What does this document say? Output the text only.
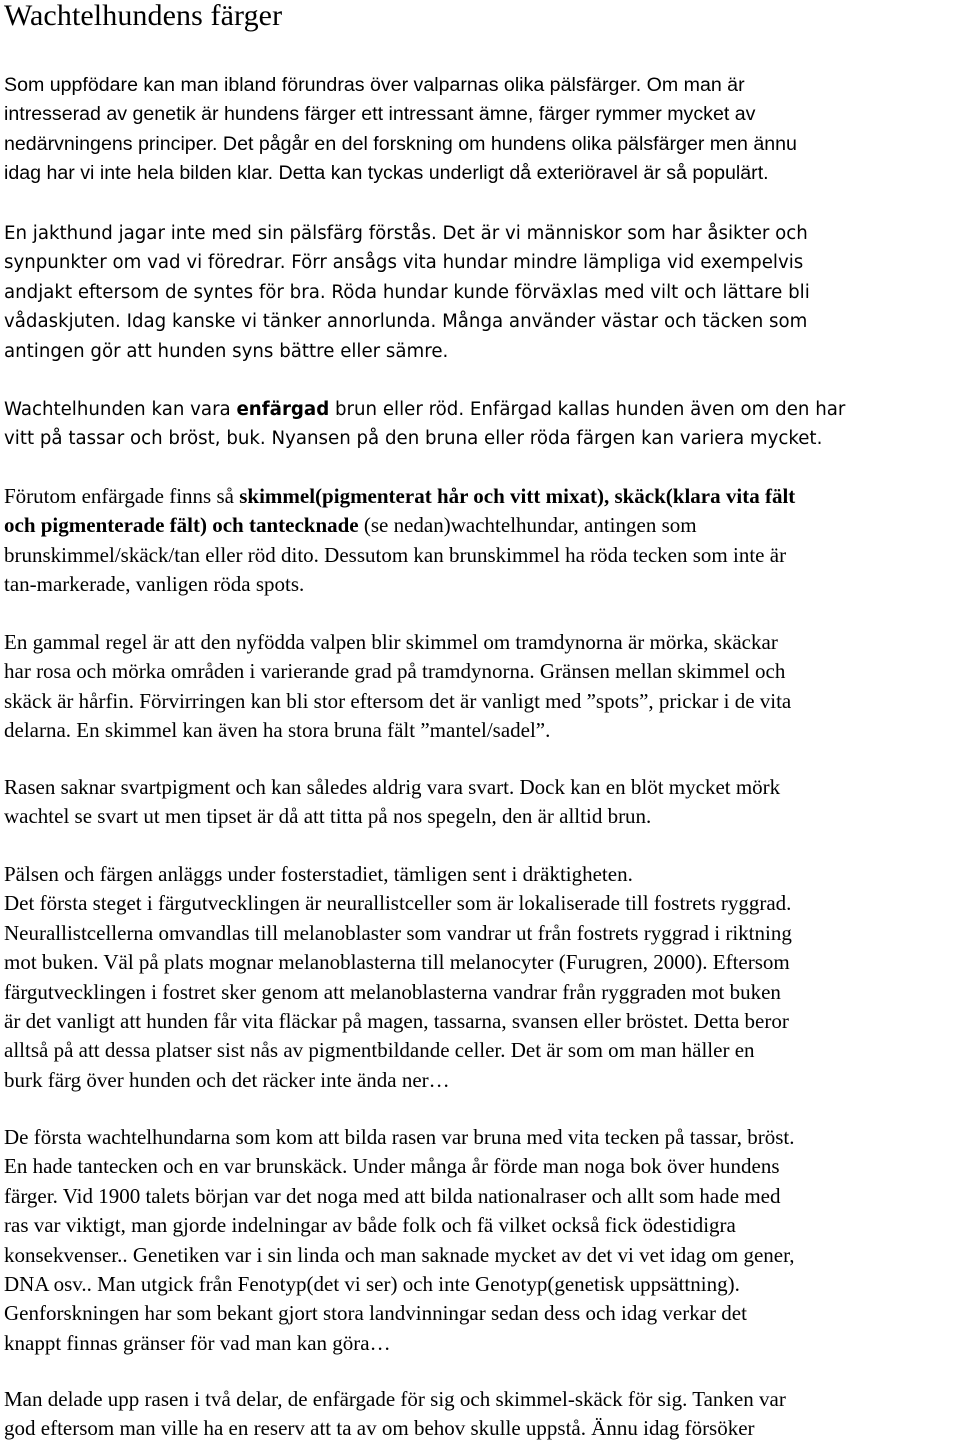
Wachtelhundens färger
Som uppfödare kan man ibland förundras över valparnas olika pälsfärger. Om man är
intresserad av genetik är hundens färger ett intressant ämne, färger rymmer mycket av
nedärvningens principer. Det pågår en del forskning om hundens olika pälsfärger men ännu
idag har vi inte hela bilden klar. Detta kan tyckas underligt då exteriöravel är så populärt.
En jakthund jagar inte med sin pälsfärg förstås. Det är vi människor som har åsikter och
synpunkter om vad vi föredrar. Förr ansågs vita hundar mindre lämpliga vid exempelvis
andjakt eftersom de syntes för bra. Röda hundar kunde förväxlas med vilt och lättare bli
vådaskjuten. Idag kanske vi tänker annorlunda. Många använder västar och täcken som
antingen gör att hunden syns bättre eller sämre.
Wachtelhunden kan vara enfärgad brun eller röd. Enfärgad kallas hunden även om den har
vitt på tassar och bröst, buk. Nyansen på den bruna eller röda färgen kan variera mycket.
Förutom enfärgade finns så skimmel(pigmenterat hår och vitt mixat), skäck(klara vita fält
och pigmenterade fält) och tantecknade (se nedan)wachtelhundar, antingen som
brunskimmel/skäck/tan eller röd dito. Dessutom kan brunskimmel ha röda tecken som inte är
tan-markerade, vanligen röda spots.
En gammal regel är att den nyfödda valpen blir skimmel om tramdynorna är mörka, skäckar
har rosa och mörka områden i varierande grad på tramdynorna. Gränsen mellan skimmel och
skäck är hårfin. Förvirringen kan bli stor eftersom det är vanligt med ”spots”, prickar i de vita
delarna. En skimmel kan även ha stora bruna fält ”mantel/sadel”.
Rasen saknar svartpigment och kan således aldrig vara svart. Dock kan en blöt mycket mörk
wachtel se svart ut men tipset är då att titta på nos spegeln, den är alltid brun.
Pälsen och färgen anläggs under fosterstadiet, tämligen sent i dräktigheten.
Det första steget i färgutvecklingen är neurallistceller som är lokaliserade till fostrets ryggrad.
Neurallistcellerna omvandlas till melanoblaster som vandrar ut från fostrets ryggrad i riktning
mot buken. Väl på plats mognar melanoblasterna till melanocyter (Furugren, 2000). Eftersom
färgutvecklingen i fostret sker genom att melanoblasterna vandrar från ryggraden mot buken
är det vanligt att hunden får vita fläckar på magen, tassarna, svansen eller bröstet. Detta beror
alltså på att dessa platser sist nås av pigmentbildande celler. Det är som om man häller en
burk färg över hunden och det räcker inte ända ner…
De första wachtelhundarna som kom att bilda rasen var bruna med vita tecken på tassar, bröst.
En hade tantecken och en var brunskäck. Under många år förde man noga bok över hundens
färger. Vid 1900 talets början var det noga med att bilda nationalraser och allt som hade med
ras var viktigt, man gjorde indelningar av både folk och fä vilket också fick ödestidigra
konsekvenser.. Genetiken var i sin linda och man saknade mycket av det vi vet idag om gener,
DNA osv.. Man utgick från Fenotyp(det vi ser) och inte Genotyp(genetisk uppsättning).
Genforskningen har som bekant gjort stora landvinningar sedan dess och idag verkar det
knappt finnas gränser för vad man kan göra…
Man delade upp rasen i två delar, de enfärgade för sig och skimmel-skäck för sig. Tanken var
god eftersom man ville ha en reserv att ta av om behov skulle uppstå. Ännu idag försöker
